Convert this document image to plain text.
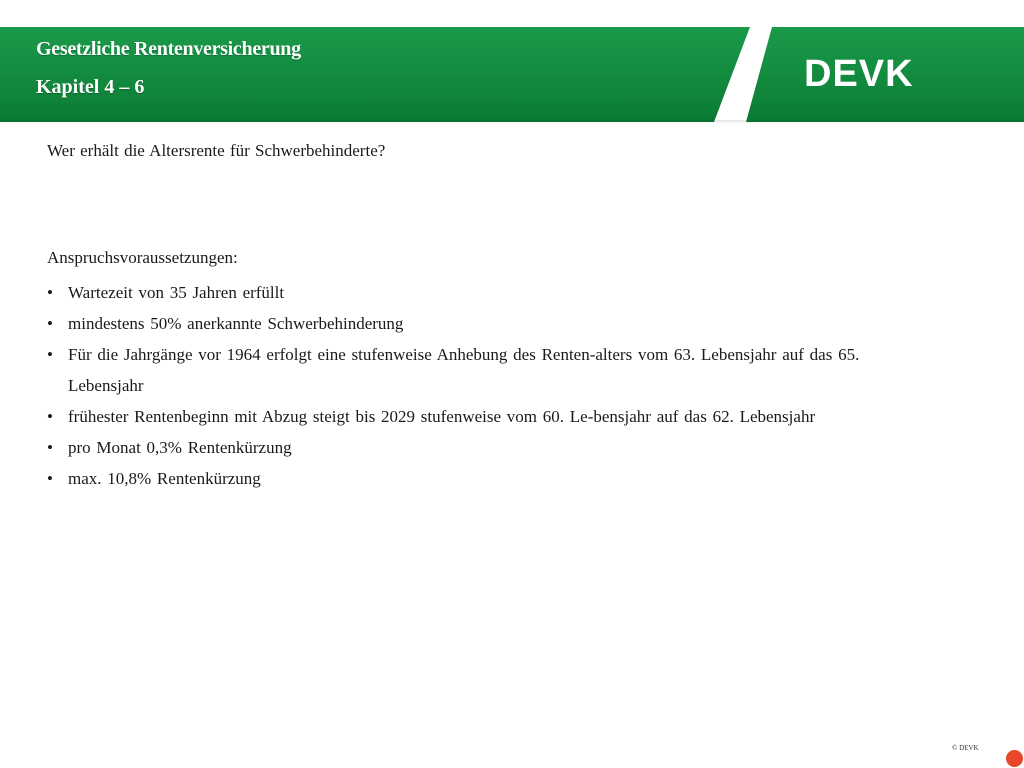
Gesetzliche Rentenversicherung
Kapitel 4 – 6	DEVK
Wer erhält die Altersrente für Schwerbehinderte?
Anspruchsvoraussetzungen:
• Wartezeit von 35 Jahren erfüllt
• mindestens 50% anerkannte Schwerbehinderung
• Für die Jahrgänge vor 1964 erfolgt eine stufenweise Anhebung des Renten-alters vom 63. Lebensjahr auf das 65. Lebensjahr
• frühester Rentenbeginn mit Abzug steigt bis 2029 stufenweise vom 60. Le-bensjahr auf das 62. Lebensjahr
• pro Monat 0,3% Rentenkürzung
• max. 10,8% Rentenkürzung
© DEVK
